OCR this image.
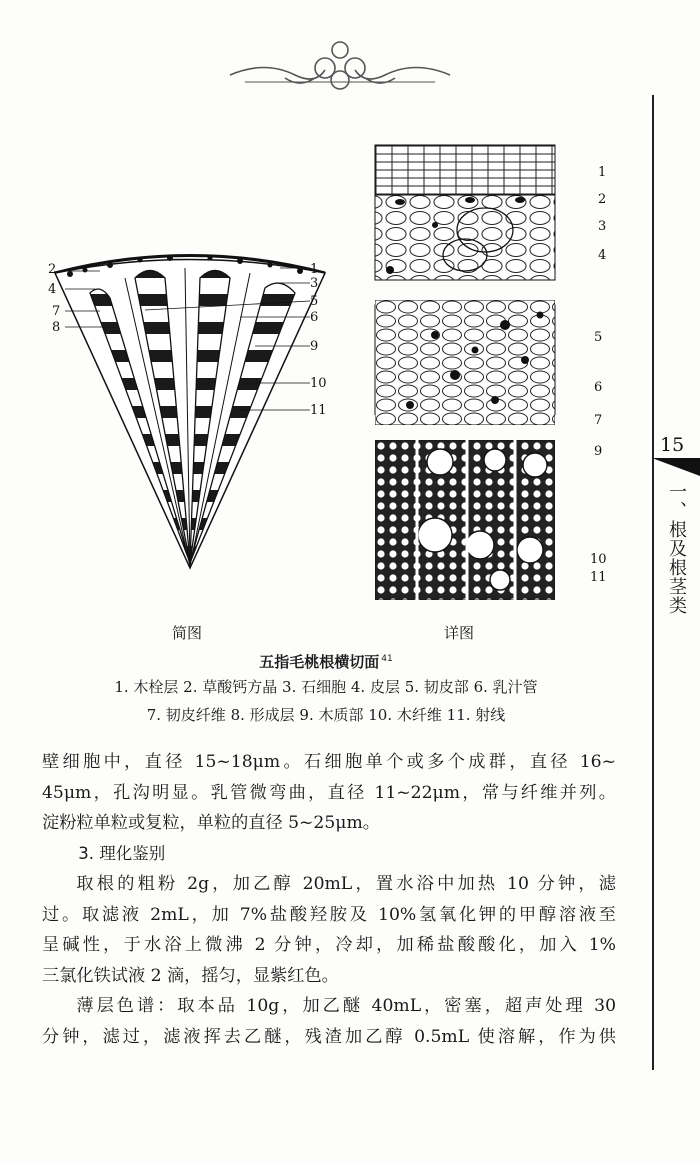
15
一、根及根茎类
2
4
7
8
1
3
5
6
9
10
11
1
2
3
4
5
6
7
9
10
11
简图	详图
五指毛桃根横切面 $^{41}$
1. 木栓层 2. 草酸钙方晶 3. 石细胞 4. 皮层 5. 韧皮部 6. 乳汁管
7. 韧皮纤维 8. 形成层 9. 木质部 10. 木纤维 11. 射线

壁细胞中，直径 15~18μm。石细胞单个或多个成群，直径 16~

45μm，孔沟明显。乳管微弯曲，直径 11~22μm，常与纤维并列。

淀粉粒单粒或复粒，单粒的直径 5~25μm。

3. 理化鉴别

取根的粗粉 2g，加乙醇 20mL，置水浴中加热 10 分钟，滤

过。取滤液 2mL，加 7%盐酸羟胺及 10%氢氧化钾的甲醇溶液至

呈碱性，于水浴上微沸 2 分钟，冷却，加稀盐酸酸化，加入 1%

三氯化铁试液 2 滴，摇匀，显紫红色。

薄层色谱：取本品 10g，加乙醚 40mL，密塞，超声处理 30

分钟，滤过，滤液挥去乙醚，残渣加乙醇 0.5mL 使溶解，作为供
